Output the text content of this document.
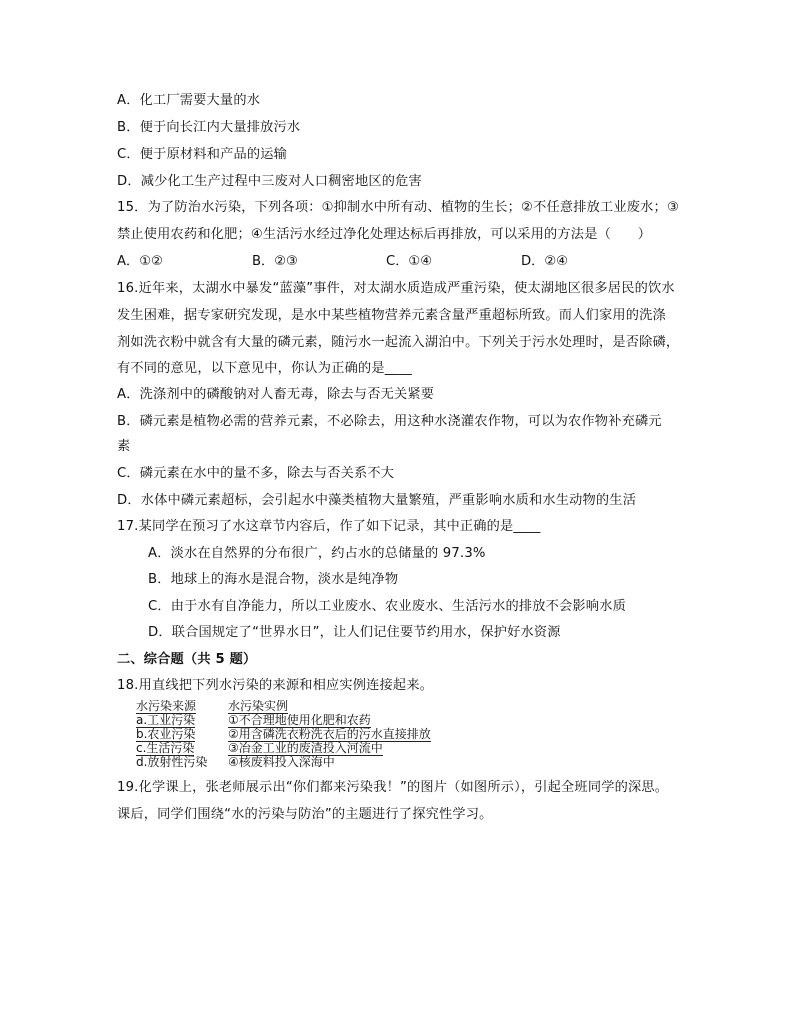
A．化工厂需要大量的水
B．便于向长江内大量排放污水
C．便于原材料和产品的运输
D．减少化工生产过程中三废对人口稠密地区的危害
15．为了防治水污染，下列各项：①抑制水中所有动、植物的生长；②不任意排放工业废水；③
禁止使用农药和化肥；④生活污水经过净化处理达标后再排放，可以采用的方法是（　　）
A．①②	B．②③	C．①④	D．②④
16.近年来，太湖水中暴发“蓝藻”事件，对太湖水质造成严重污染，使太湖地区很多居民的饮水
发生困难，据专家研究发现，是水中某些植物营养元素含量严重超标所致。而人们家用的洗涤
剂如洗衣粉中就含有大量的磷元素，随污水一起流入湖泊中。下列关于污水处理时，是否除磷，
有不同的意见，以下意见中，你认为正确的是____
A．洗涤剂中的磷酸钠对人畜无毒，除去与否无关紧要
B．磷元素是植物必需的营养元素，不必除去，用这种水浇灌农作物，可以为农作物补充磷元
素
C．磷元素在水中的量不多，除去与否关系不大
D．水体中磷元素超标，会引起水中藻类植物大量繁殖，严重影响水质和水生动物的生活
17.某同学在预习了水这章节内容后，作了如下记录，其中正确的是____
A．淡水在自然界的分布很广，约占水的总储量的 97.3%
B．地球上的海水是混合物，淡水是纯净物
C．由于水有自净能力，所以工业废水、农业废水、生活污水的排放不会影响水质
D．联合国规定了“世界水日”，让人们记住要节约用水，保护好水资源
二、综合题（共 5 题）
18.用直线把下列水污染的来源和相应实例连接起来。
水污染来源	水污染实例
a.工业污染	①不合理地使用化肥和农药
b.农业污染	②用含磷洗衣粉洗衣后的污水直接排放
c.生活污染	③冶金工业的废渣投入河流中
d.放射性污染 ④核废料投入深海中
19.化学课上，张老师展示出“你们都来污染我！”的图片（如图所示），引起全班同学的深思。
课后，同学们围绕“水的污染与防治”的主题进行了探究性学习。
